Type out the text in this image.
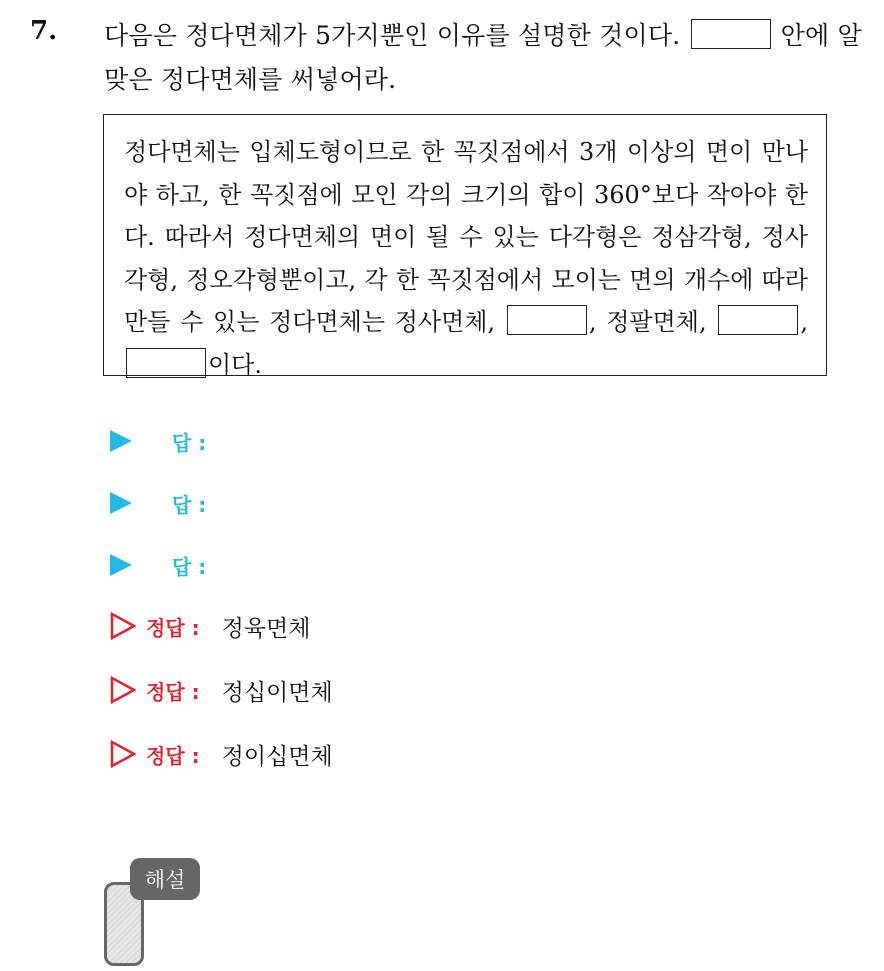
7. 다음은 정다면체가 5가지뿐인 이유를 설명한 것이다.	안에 알맞은 정다면체를 써넣어라.
정다면체는 입체도형이므로 한 꼭짓점에서 3개 이상의 면이 만나야 하고, 한 꼭짓점에 모인 각의 크기의 합이 360°보다 작아야 한다. 따라서 정다면체의 면이 될 수 있는 다각형은 정삼각형, 정사각형, 정오각형뿐이고, 각 한 꼭짓점에서 모이는 면의 개수에 따라 만들 수 있는 정다면체는 정사면체,	, 정팔면체,	, 이다.
답 :
답 :
답 :
정답 : 정육면체
정답 : 정십이면체
정답 : 정이십면체
해설
